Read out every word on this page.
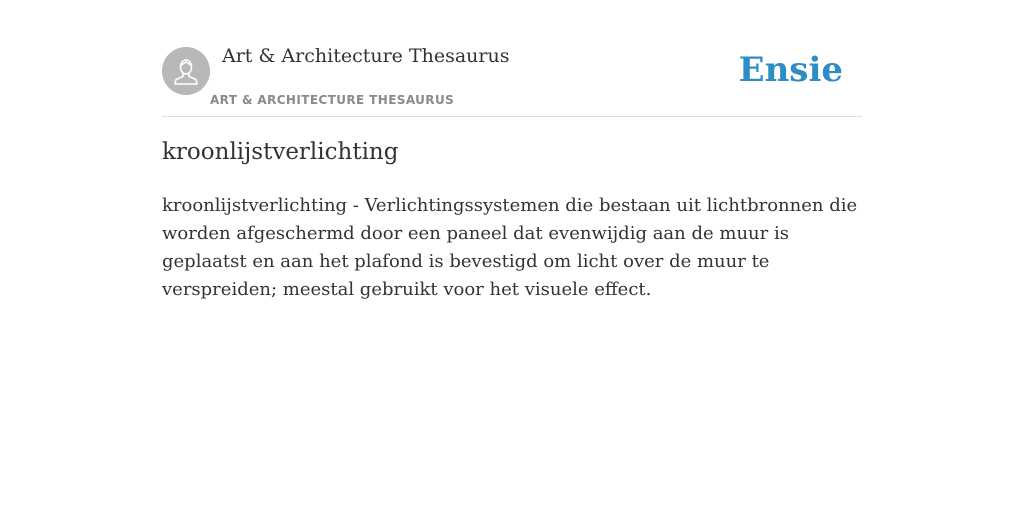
Art & Architecture Thesaurus
ART & ARCHITECTURE THESAURUS
Ensie
kroonlijstverlichting

kroonlijstverlichting - Verlichtingssystemen die bestaan uit lichtbronnen die worden afgeschermd door een paneel dat evenwijdig aan de muur is geplaatst en aan het plafond is bevestigd om licht over de muur te verspreiden; meestal gebruikt voor het visuele effect.
